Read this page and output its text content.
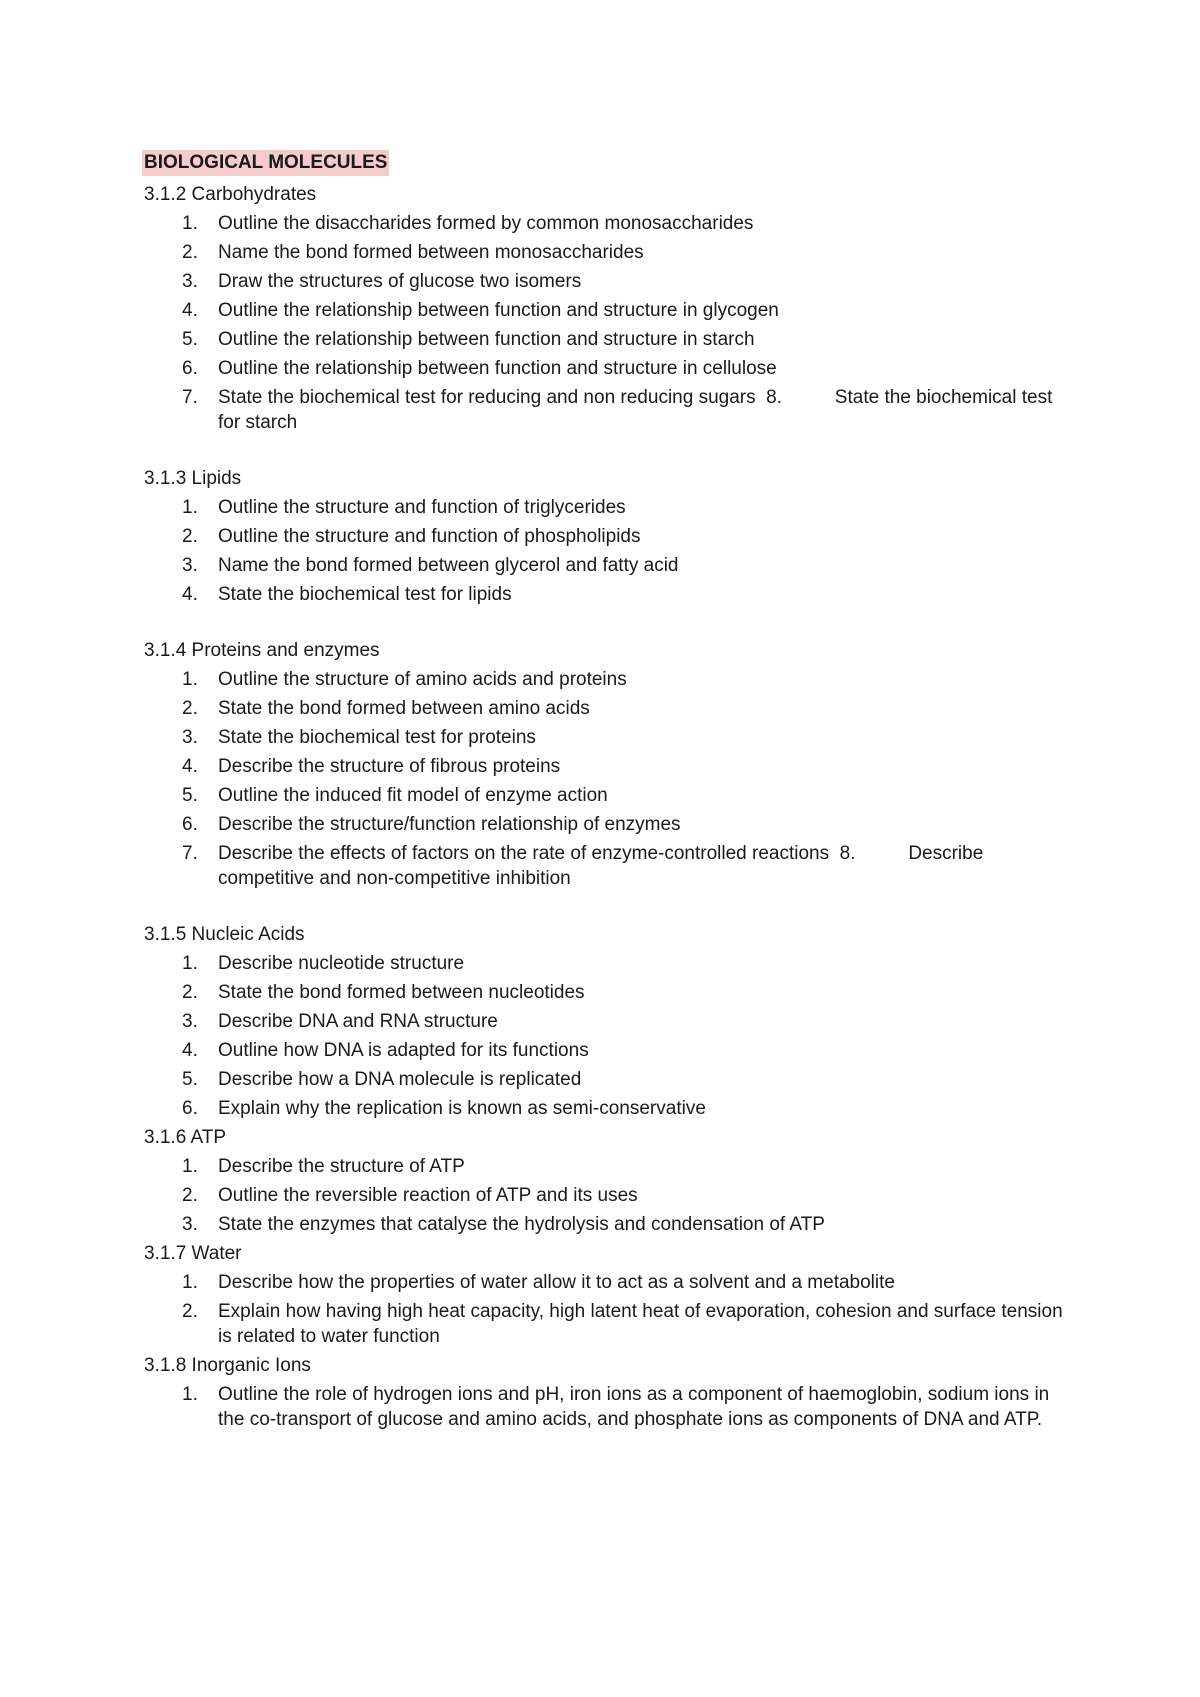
BIOLOGICAL MOLECULES
3.1.2 Carbohydrates
1.	Outline the disaccharides formed by common monosaccharides
2.	Name the bond formed between monosaccharides
3.	Draw the structures of glucose two isomers
4.	Outline the relationship between function and structure in glycogen
5.	Outline the relationship between function and structure in starch
6.	Outline the relationship between function and structure in cellulose
7.	State the biochemical test for reducing and non reducing sugars  8.          State the biochemical test for starch
3.1.3 Lipids
1.	Outline the structure and function of triglycerides
2.	Outline the structure and function of phospholipids
3.	Name the bond formed between glycerol and fatty acid
4.	State the biochemical test for lipids
3.1.4 Proteins and enzymes
1.	Outline the structure of amino acids and proteins
2.	State the bond formed between amino acids
3.	State the biochemical test for proteins
4.	Describe the structure of fibrous proteins
5.	Outline the induced fit model of enzyme action
6.	Describe the structure/function relationship of enzymes
7.	Describe the effects of factors on the rate of enzyme-controlled reactions  8.          Describe competitive and non-competitive inhibition
3.1.5 Nucleic Acids
1.	Describe nucleotide structure
2.	State the bond formed between nucleotides
3.	Describe DNA and RNA structure
4.	Outline how DNA is adapted for its functions
5.	Describe how a DNA molecule is replicated
6.	Explain why the replication is known as semi-conservative
3.1.6 ATP
1.	Describe the structure of ATP
2.	Outline the reversible reaction of ATP and its uses
3.	State the enzymes that catalyse the hydrolysis and condensation of ATP
3.1.7 Water
1.	Describe how the properties of water allow it to act as a solvent and a metabolite
2.	Explain how having high heat capacity, high latent heat of evaporation, cohesion and surface tension is related to water function
3.1.8 Inorganic Ions
1.	Outline the role of hydrogen ions and pH, iron ions as a component of haemoglobin, sodium ions in the co-transport of glucose and amino acids, and phosphate ions as components of DNA and ATP.
